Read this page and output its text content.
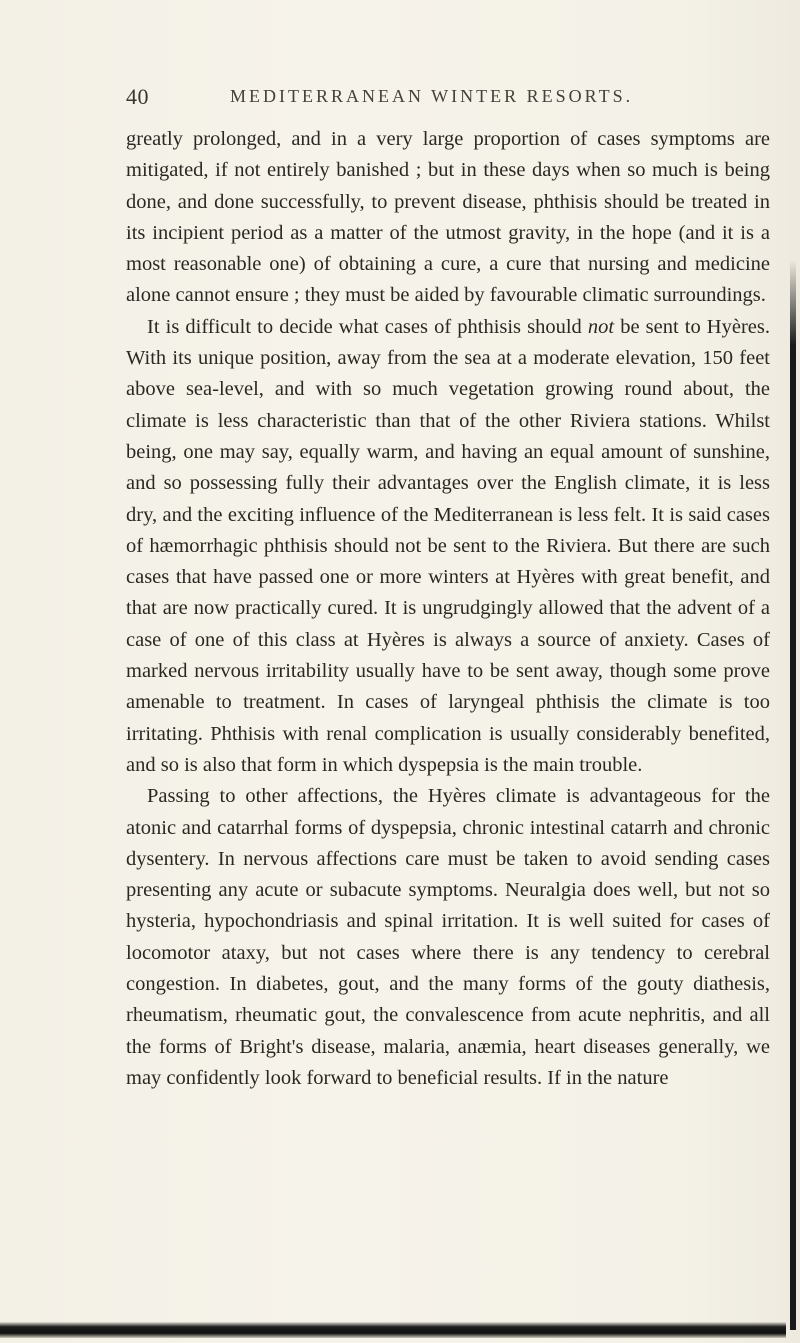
40	MEDITERRANEAN WINTER RESORTS.

greatly prolonged, and in a very large proportion of cases symptoms are mitigated, if not entirely banished ; but in these days when so much is being done, and done successfully, to prevent disease, phthisis should be treated in its incipient period as a matter of the utmost gravity, in the hope (and it is a most reasonable one) of obtaining a cure, a cure that nursing and medicine alone cannot ensure ; they must be aided by favourable climatic surroundings.

It is difficult to decide what cases of phthisis should not be sent to Hyères. With its unique position, away from the sea at a moderate elevation, 150 feet above sea-level, and with so much vegetation growing round about, the climate is less characteristic than that of the other Riviera stations. Whilst being, one may say, equally warm, and having an equal amount of sunshine, and so possessing fully their advantages over the English climate, it is less dry, and the exciting influence of the Mediterranean is less felt. It is said cases of hæmorrhagic phthisis should not be sent to the Riviera. But there are such cases that have passed one or more winters at Hyères with great benefit, and that are now practically cured. It is ungrudgingly allowed that the advent of a case of one of this class at Hyères is always a source of anxiety. Cases of marked nervous irritability usually have to be sent away, though some prove amenable to treatment. In cases of laryngeal phthisis the climate is too irritating. Phthisis with renal complication is usually considerably benefited, and so is also that form in which dyspepsia is the main trouble.

Passing to other affections, the Hyères climate is advantageous for the atonic and catarrhal forms of dyspepsia, chronic intestinal catarrh and chronic dysentery. In nervous affections care must be taken to avoid sending cases presenting any acute or subacute symptoms. Neuralgia does well, but not so hysteria, hypochondriasis and spinal irritation. It is well suited for cases of locomotor ataxy, but not cases where there is any tendency to cerebral congestion. In diabetes, gout, and the many forms of the gouty diathesis, rheumatism, rheumatic gout, the convalescence from acute nephritis, and all the forms of Bright's disease, malaria, anæmia, heart diseases generally, we may confidently look forward to beneficial results. If in the nature
